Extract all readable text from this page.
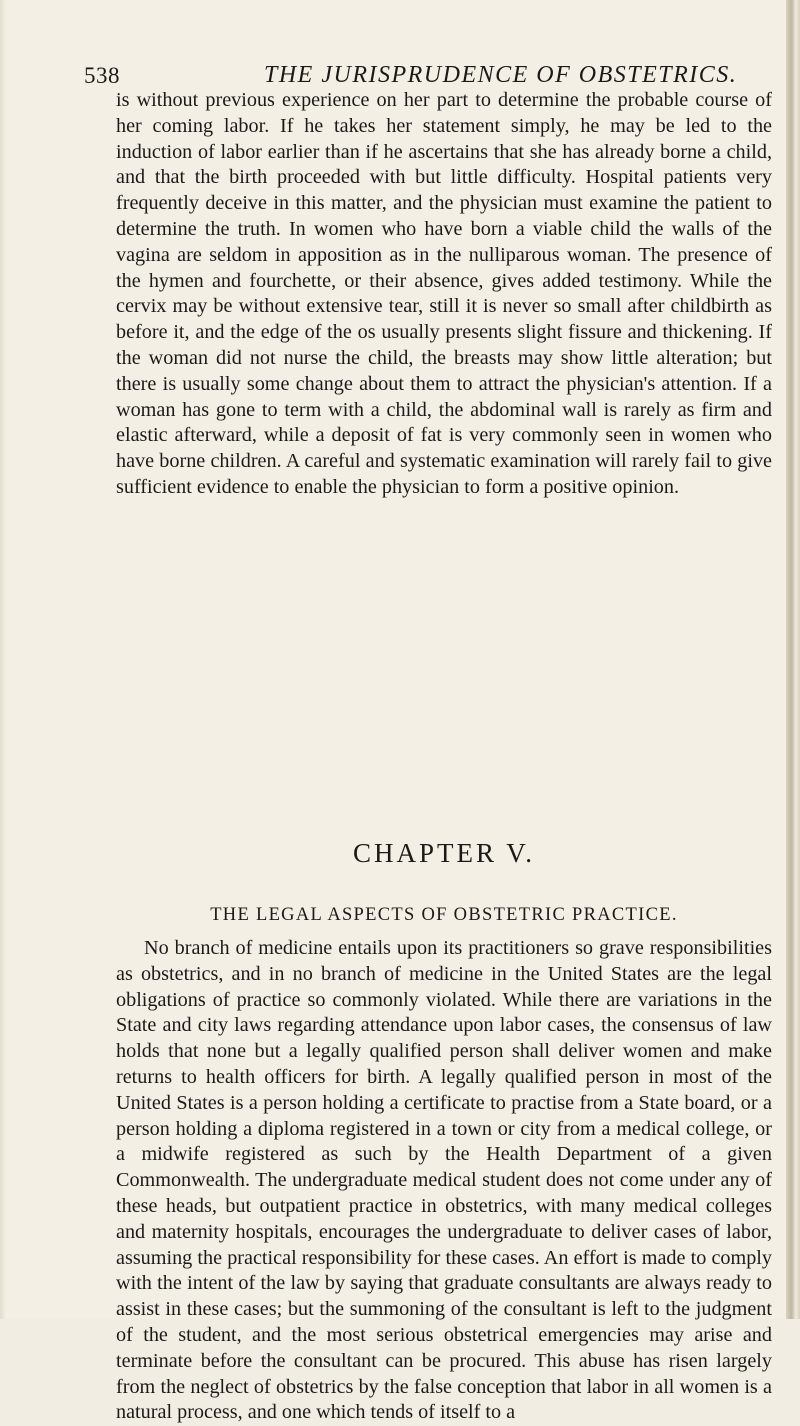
538	THE JURISPRUDENCE OF OBSTETRICS.

is without previous experience on her part to determine the probable course of her coming labor. If he takes her statement simply, he may be led to the induction of labor earlier than if he ascertains that she has already borne a child, and that the birth proceeded with but little difficulty. Hospital patients very frequently deceive in this matter, and the physician must examine the patient to determine the truth. In women who have born a viable child the walls of the vagina are seldom in apposition as in the nulliparous woman. The presence of the hymen and fourchette, or their absence, gives added testimony. While the cervix may be without extensive tear, still it is never so small after childbirth as before it, and the edge of the os usually presents slight fissure and thickening. If the woman did not nurse the child, the breasts may show little alteration; but there is usually some change about them to attract the physician's attention. If a woman has gone to term with a child, the abdominal wall is rarely as firm and elastic afterward, while a deposit of fat is very commonly seen in women who have borne children. A careful and systematic examination will rarely fail to give sufficient evidence to enable the physician to form a positive opinion.

CHAPTER V.
THE LEGAL ASPECTS OF OBSTETRIC PRACTICE.

No branch of medicine entails upon its practitioners so grave responsibilities as obstetrics, and in no branch of medicine in the United States are the legal obligations of practice so commonly violated. While there are variations in the State and city laws regarding attendance upon labor cases, the consensus of law holds that none but a legally qualified person shall deliver women and make returns to health officers for birth. A legally qualified person in most of the United States is a person holding a certificate to practise from a State board, or a person holding a diploma registered in a town or city from a medical college, or a midwife registered as such by the Health Department of a given Commonwealth. The undergraduate medical student does not come under any of these heads, but outpatient practice in obstetrics, with many medical colleges and maternity hospitals, encourages the undergraduate to deliver cases of labor, assuming the practical responsibility for these cases. An effort is made to comply with the intent of the law by saying that graduate consultants are always ready to assist in these cases; but the summoning of the consultant is left to the judgment of the student, and the most serious obstetrical emergencies may arise and terminate before the consultant can be procured. This abuse has risen largely from the neglect of obstetrics by the false conception that labor in all women is a natural process, and one which tends of itself to a
